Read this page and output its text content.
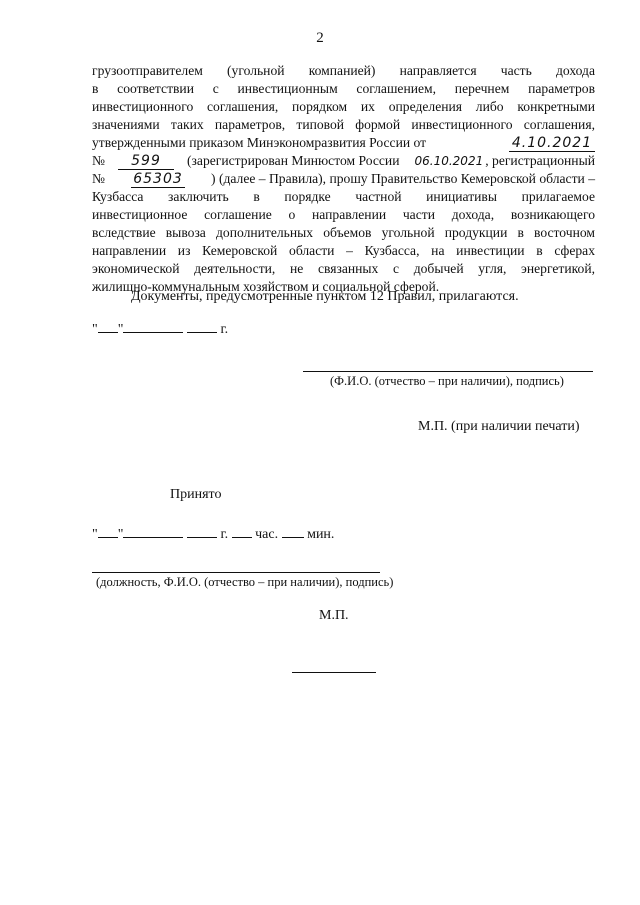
2
грузоотправителем (угольной компанией) направляется часть дохода
в соответствии с инвестиционным соглашением, перечнем параметров
инвестиционного соглашения, порядком их определения либо конкретными
значениями таких параметров, типовой формой инвестиционного соглашения,
утвержденными приказом Минэкономразвития России от	4.10.2021
№	599	(зарегистрирован Минюстом России 06.10.2021 , регистрационный
№ 65303 ) (далее – Правила), прошу Правительство Кемеровской области –
Кузбасса заключить в порядке частной инициативы прилагаемое
инвестиционное соглашение о направлении части дохода, возникающего
вследствие вывоза дополнительных объемов угольной продукции в восточном
направлении из Кемеровской области – Кузбасса, на инвестиции в сферах
экономической деятельности, не связанных с добычей угля, энергетикой,
жилищно-коммунальным хозяйством и социальной сферой.
Документы, предусмотренные пунктом 12 Правил, прилагаются.
" "	г.
(Ф.И.О. (отчество – при наличии), подпись)
М.П. (при наличии печати)
Принято
" "	г. час. мин.
(должность, Ф.И.О. (отчество – при наличии), подпись)
М.П.
